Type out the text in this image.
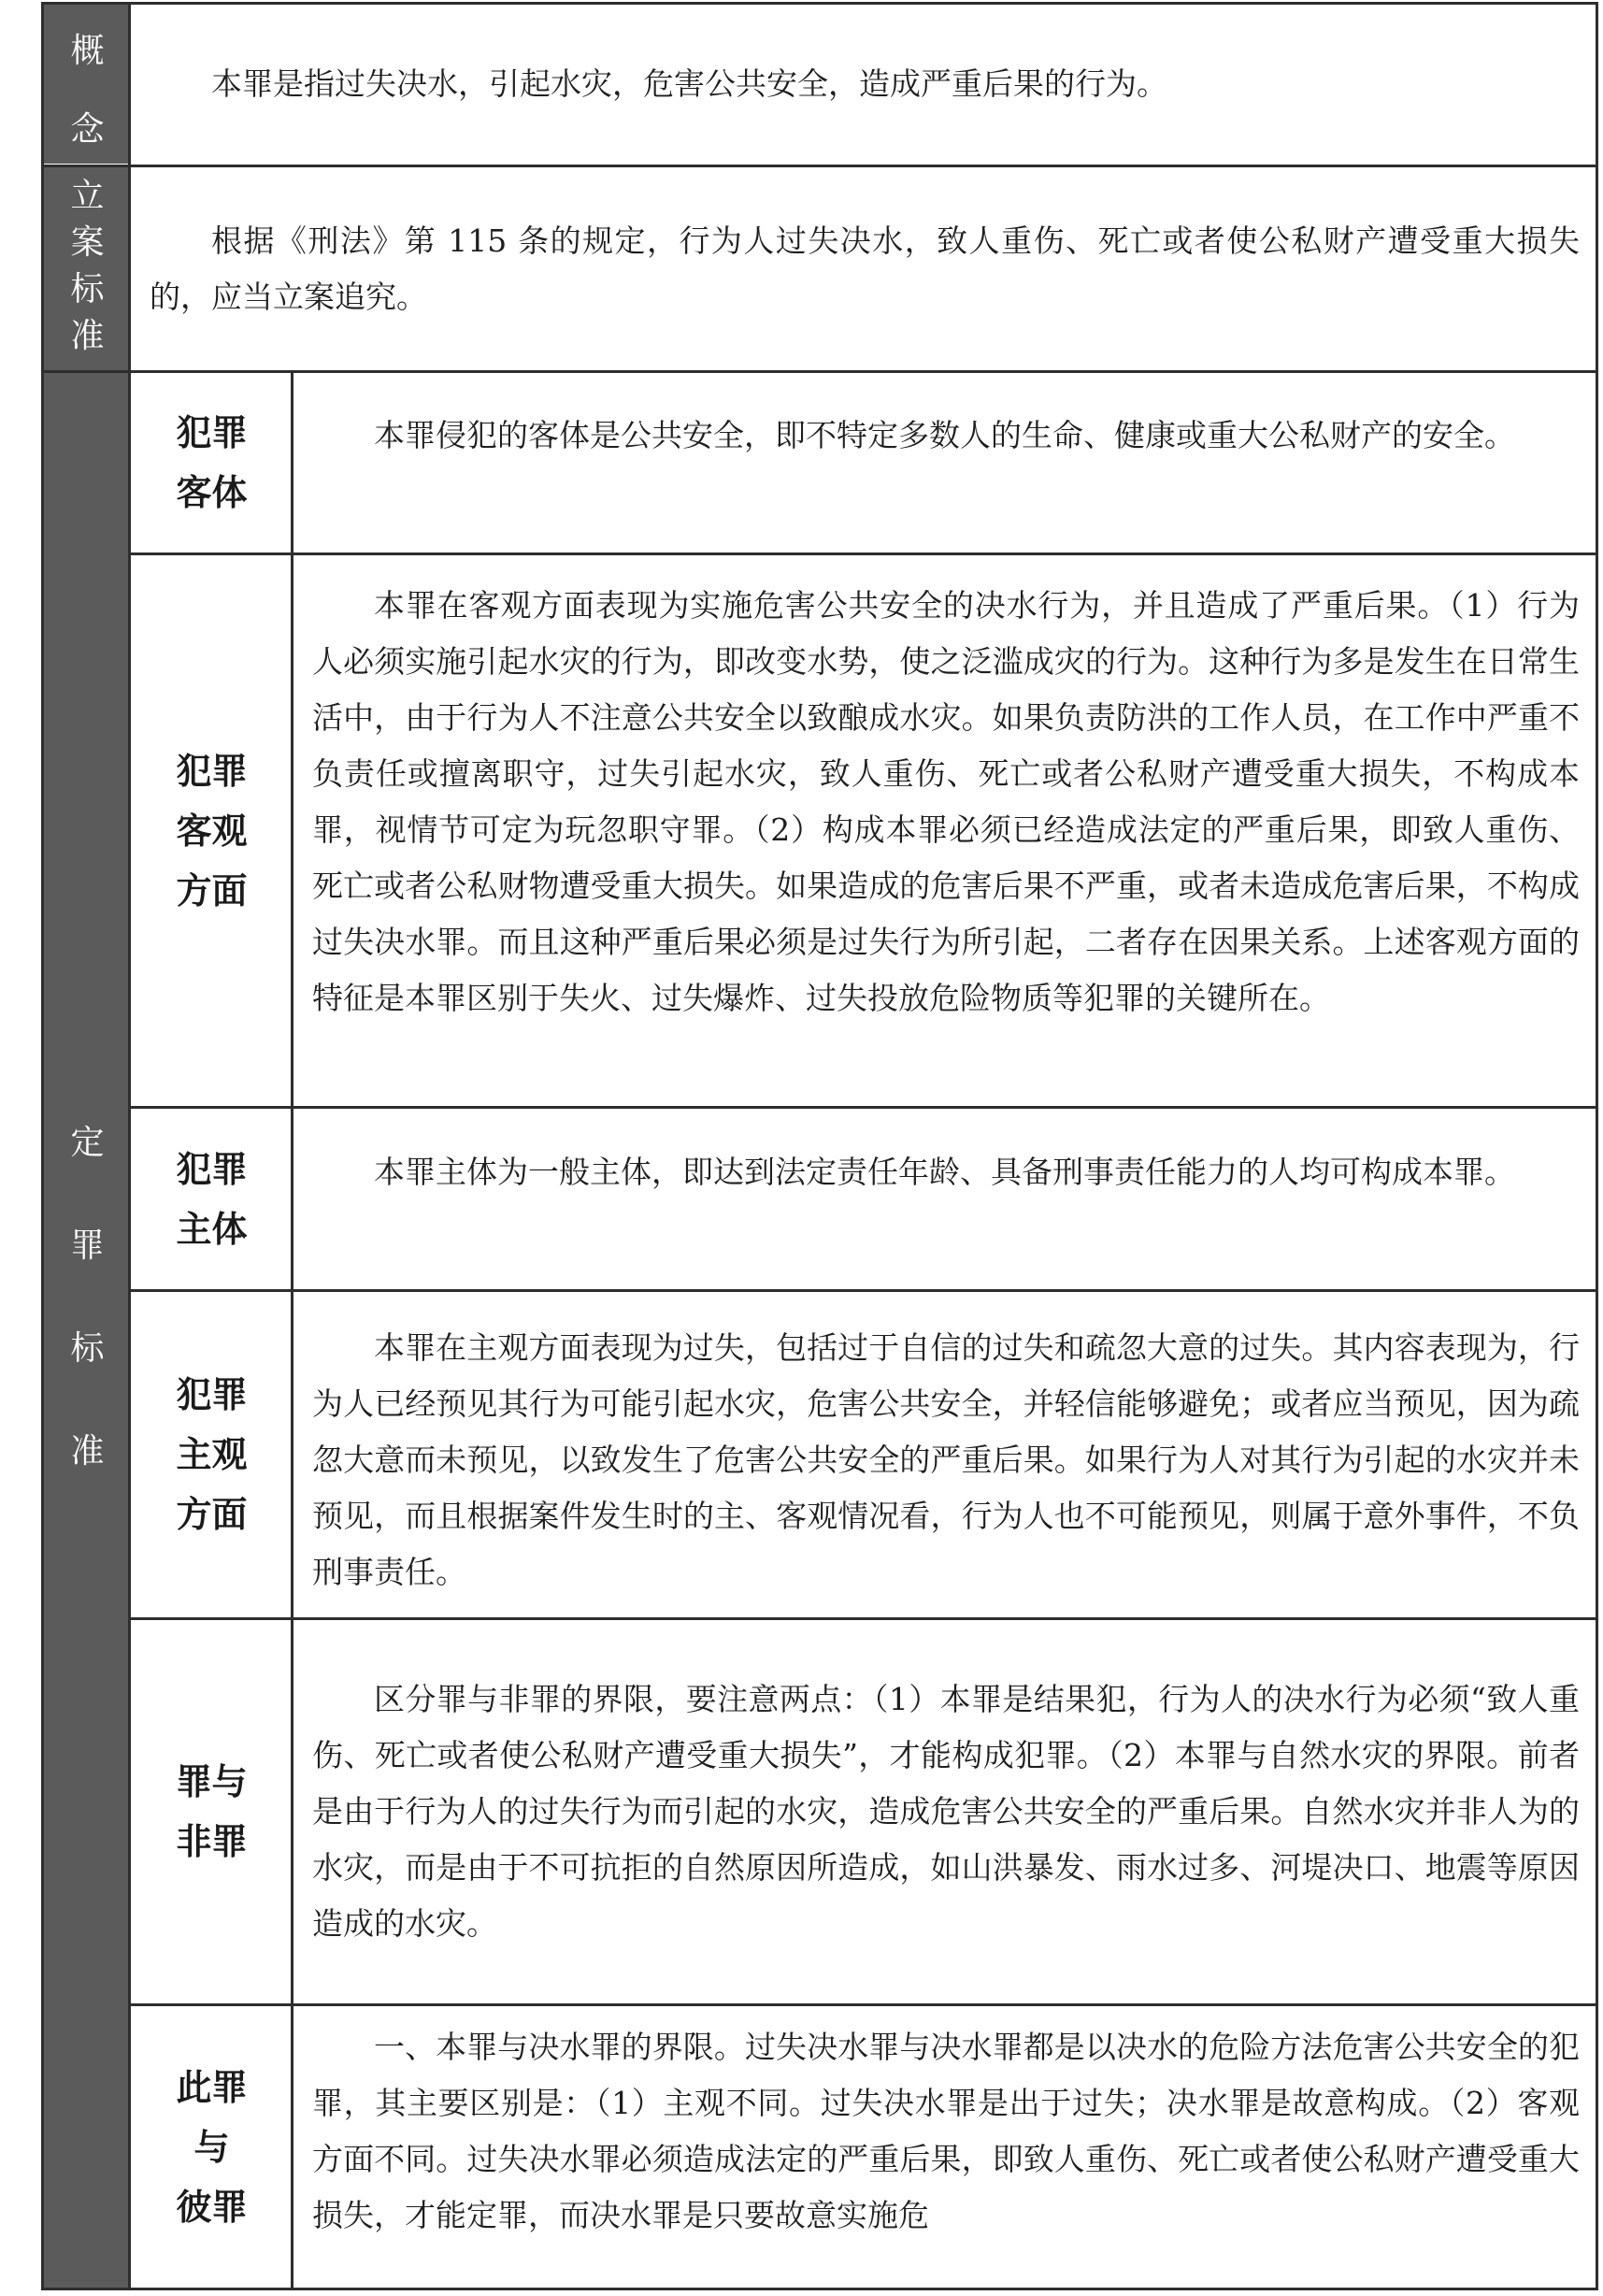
概
念
立
案
标
准
定
罪
标
准

本罪是指过失决水，引起水灾，危害公共安全，造成严重后果的行为。

根据《刑法》第 115 条的规定，行为人过失决水，致人重伤、死亡或者使公私财产遭受重大损失的，应当立案追究。

犯罪
客体

本罪侵犯的客体是公共安全，即不特定多数人的生命、健康或重大公私财产的安全。

犯罪
客观
方面

本罪在客观方面表现为实施危害公共安全的决水行为，并且造成了严重后果。（1）行为人必须实施引起水灾的行为，即改变水势，使之泛滥成灾的行为。这种行为多是发生在日常生活中，由于行为人不注意公共安全以致酿成水灾。如果负责防洪的工作人员，在工作中严重不负责任或擅离职守，过失引起水灾，致人重伤、死亡或者公私财产遭受重大损失，不构成本罪，视情节可定为玩忽职守罪。（2）构成本罪必须已经造成法定的严重后果，即致人重伤、死亡或者公私财物遭受重大损失。如果造成的危害后果不严重，或者未造成危害后果，不构成过失决水罪。而且这种严重后果必须是过失行为所引起，二者存在因果关系。上述客观方面的特征是本罪区别于失火、过失爆炸、过失投放危险物质等犯罪的关键所在。

犯罪
主体

本罪主体为一般主体，即达到法定责任年龄、具备刑事责任能力的人均可构成本罪。

犯罪
主观
方面

本罪在主观方面表现为过失，包括过于自信的过失和疏忽大意的过失。其内容表现为，行为人已经预见其行为可能引起水灾，危害公共安全，并轻信能够避免；或者应当预见，因为疏忽大意而未预见，以致发生了危害公共安全的严重后果。如果行为人对其行为引起的水灾并未预见，而且根据案件发生时的主、客观情况看，行为人也不可能预见，则属于意外事件，不负刑事责任。

罪与
非罪

区分罪与非罪的界限，要注意两点：（1）本罪是结果犯，行为人的决水行为必须“致人重伤、死亡或者使公私财产遭受重大损失”，才能构成犯罪。（2）本罪与自然水灾的界限。前者是由于行为人的过失行为而引起的水灾，造成危害公共安全的严重后果。自然水灾并非人为的水灾，而是由于不可抗拒的自然原因所造成，如山洪暴发、雨水过多、河堤决口、地震等原因造成的水灾。

此罪
与
彼罪

一、本罪与决水罪的界限。过失决水罪与决水罪都是以决水的危险方法危害公共安全的犯罪，其主要区别是：（1）主观不同。过失决水罪是出于过失；决水罪是故意构成。（2）客观方面不同。过失决水罪必须造成法定的严重后果，即致人重伤、死亡或者使公私财产遭受重大损失，才能定罪，而决水罪是只要故意实施危
